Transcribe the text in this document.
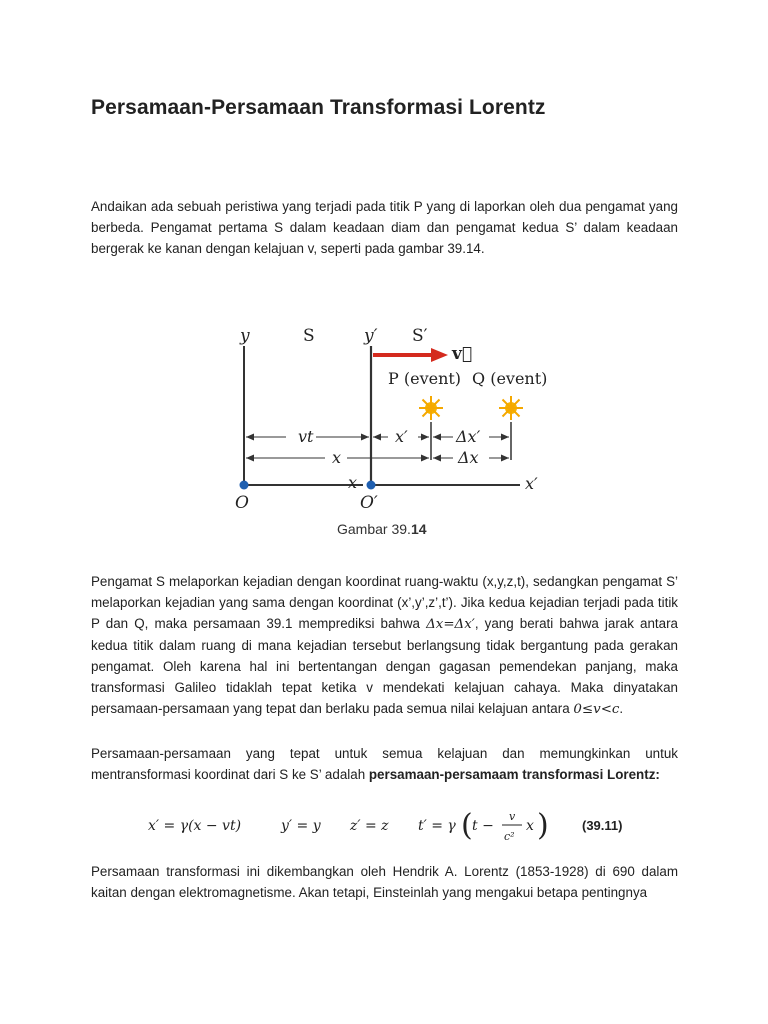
Persamaan-Persamaan Transformasi Lorentz

Andaikan ada sebuah peristiwa yang terjadi pada titik P yang di laporkan oleh dua pengamat yang berbeda. Pengamat pertama S dalam keadaan diam dan pengamat kedua S’ dalam keadaan bergerak ke kanan dengan kelajuan v, seperti pada gambar 39.14.

y	S	y′ S′
v⃗
P (event) Q (event)
vt	x′	Δx′
x	Δx
O
x
O′
x′

Gambar 39.14

Pengamat S melaporkan kejadian dengan koordinat ruang-waktu (x,y,z,t), sedangkan pengamat S’ melaporkan kejadian yang sama dengan koordinat (x’,y’,z’,t’). Jika kedua kejadian terjadi pada titik P dan Q, maka persamaan 39.1 memprediksi bahwa Δx=Δx′, yang berati bahwa jarak antara kedua titik dalam ruang di mana kejadian tersebut berlangsung tidak bergantung pada gerakan pengamat. Oleh karena hal ini bertentangan dengan gagasan pemendekan panjang, maka transformasi Galileo tidaklah tepat ketika v mendekati kelajuan cahaya. Maka dinyatakan persamaan-persamaan yang tepat dan berlaku pada semua nilai kelajuan antara 0≤v<c.

Persamaan-persamaan yang tepat untuk semua kelajuan dan memungkinkan untuk mentransformasi koordinat dari S ke S’ adalah persamaan-persamaam transformasi Lorentz:

x′ = γ(x − vt)	y′ = y z′ = z t′ = γ ( t −
v
c²
x )	(39.11)

Persamaan transformasi ini dikembangkan oleh Hendrik A. Lorentz (1853-1928) di 690 dalam kaitan dengan elektromagnetisme. Akan tetapi, Einsteinlah yang mengakui betapa pentingnya
